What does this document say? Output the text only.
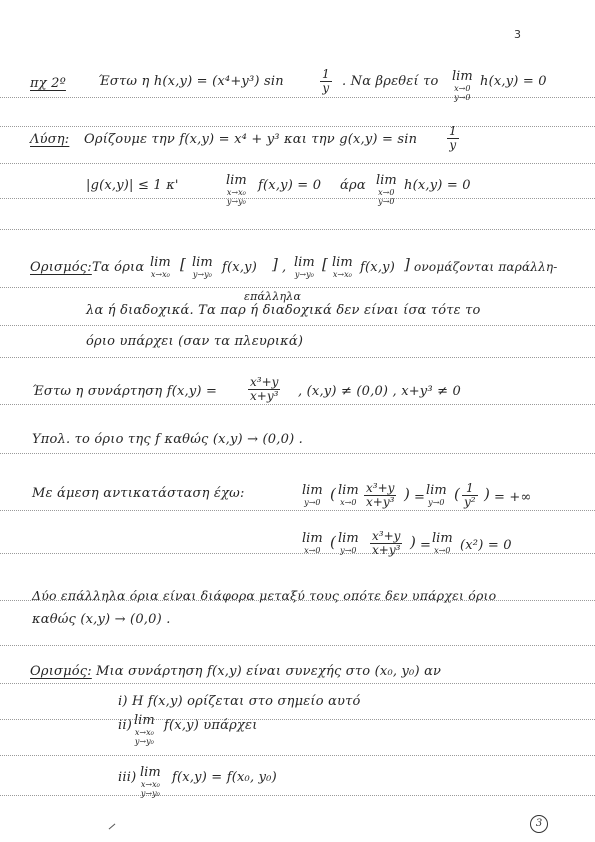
3
πχ 2º Έστω η h(x,y) = (x⁴+y³) sin	$\frac{1}{y}$ . Να βρεθεί το lim
x→0
y→0
h(x,y) = 0
Λύση: Ορίζουμε την f(x,y) = x⁴ + y³ και την $g(x,y) = \sin \frac{1}{y}$
|g(x,y)| ≤ 1 κ'	lim
x→x₀
y→y₀
f(x,y) = 0 άρα lim
x→0
y→0
h(x,y) = 0
Ορισμός: Τα όρια lim
x→x₀
[ lim
y→y₀ f(x,y) ] , lim
y→y₀
[ lim
x→x₀ f(x,y) ] ονομάζονται παράλλη-
επάλληλα
λα ή διαδοχικά. Τα παρ ή διαδοχικά δεν είναι ίσα τότε το
όριο υπάρχει (σαν τα πλευρικά)
Έστω η συνάρτηση f(x,y) =	$\frac{\text{x³+y}}{\text{x+y³}}$ , (x,y) ≠ (0,0) , x+y³ ≠ 0
Υπολ. το όριο της f καθώς (x,y) → (0,0) .
Με άμεση αντικατάσταση έχω:	lim
y→0 ( lim
$x\to 0 \frac{\text{x³+y}}{\text{x+y³}}$ ) = lim
y→0 ( $\frac{1}{\text{y²}}$ ) = +∞
lim
x→0 ( lim
$y\to 0 \frac{\text{x³+y}}{\text{x+y³}}$ ) = lim
x→0 (x²) = 0
Δύο επάλληλα όρια είναι διάφορα μεταξύ τους οπότε δεν υπάρχει όριο
καθώς (x,y) → (0,0) .
Ορισμός: Μια συνάρτηση f(x,y) είναι συνεχής στο (x₀, y₀) αν
i) Η f(x,y) ορίζεται στο σημείο αυτό
ii) lim
x→x₀
y→y₀
f(x,y) υπάρχει
iii) lim
x→x₀
y→y₀
f(x,y) = f(x₀, y₀)
3
